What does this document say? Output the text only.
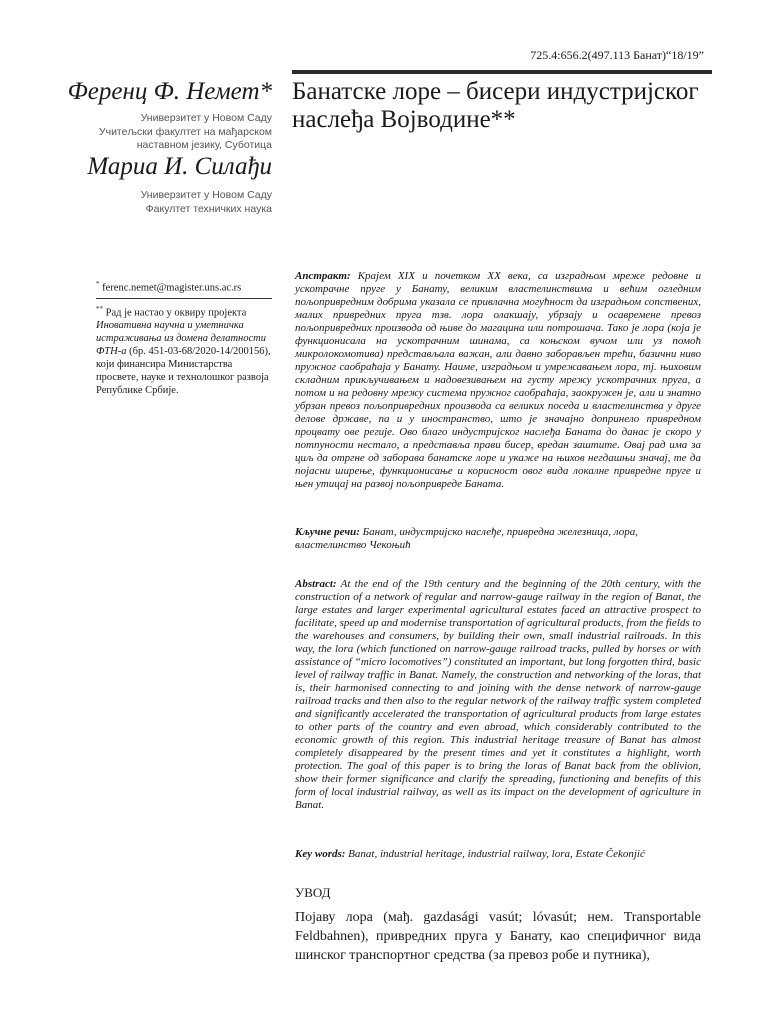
725.4:656.2(497.113 Банат)“18/19”
Банатске лоре – бисери индустријског наслеђа Војводине**
Ференц Ф. Немет*
Универзитет у Новом Саду
Учитељски факултет на мађарском
наставном језику, Суботица
Мариа И. Силађи
Универзитет у Новом Саду
Факултет техничких наука

* ferenc.nemet@magister.uns.ac.rs

** Рад је настао у оквиру пројекта Иновативна научна и уметничка истраживања из домена делатности ФТН-а (бр. 451-03-68/2020-14/200156), који финансира Министарства просвете, науке и технолошког развоја Републике Србије.

Апстракт: Крајем XIX и почетком XX века, са изградњом мреже редовне и ускотрачне пруге у Банату, великим властелинствима и већим огледним пољопривредним добрима указала се привлачна могућност да изградњом сопствених, малих привредних пруга тзв. лора олакшају, убрзају и осавремене превоз пољопривредних производа од њиве до магацина или потрошача. Тако је лора (која је функционисала на ускотрачним шинама, са коњском вучом или уз помоћ микролокомотива) представљала важан, али давно заборављен трећи, базични ниво пружног саобраћаја у Банату. Наиме, изградњом и умрежавањем лора, тј. њиховим складним прикључивањем и надовезивањем на густу мрежу ускотрачних пруга, а потом и на редовну мрежу система пружног саобраћаја, заокружен је, али и знатно убрзан превоз пољопривредних производа са великих поседа и властелинства у друге делове државе, па и у иностранство, што је значајно допринело привредном процвату ове регије. Ово благо индустријског наслеђа Баната до данас је скоро у потпуности нестало, а представља прави бисер, вредан заштите. Овај рад има за циљ да отргне од заборава банатске лоре и укаже на њихов негдашњи значај, те да појасни ширење, функционисање и корисност овог вида локалне привредне пруге и њен утицај на развој пољопривреде Баната.
Кључне речи: Банат, индустријско наслеђе, привредна железница, лора, властелинство Чекоњић
Abstract: At the end of the 19th century and the beginning of the 20th century, with the construction of a network of regular and narrow-gauge railway in the region of Banat, the large estates and larger experimental agricultural estates faced an attractive prospect to facilitate, speed up and modernise transportation of agricultural products, from the fields to the warehouses and consumers, by building their own, small industrial railroads. In this way, the lora (which functioned on narrow-gauge railroad tracks, pulled by horses or with assistance of “micro locomotives”) constituted an important, but long forgotten third, basic level of railway traffic in Banat. Namely, the construction and networking of the loras, that is, their harmonised connecting to and joining with the dense network of narrow-gauge railroad tracks and then also to the regular network of the railway traffic system completed and significantly accelerated the transportation of agricultural products from large estates to other parts of the country and even abroad, which considerably contributed to the economic growth of this region. This industrial heritage treasure of Banat has almost completely disappeared by the present times and yet it constitutes a highlight, worth protection. The goal of this paper is to bring the loras of Banat back from the oblivion, show their former significance and clarify the spreading, functioning and benefits of this form of local industrial railway, as well as its impact on the development of agriculture in Banat.
Key words: Banat, industrial heritage, industrial railway, lora, Estate Čekonjić
УВОД
Појаву лора (мађ. gazdasági vasút; lóvasút; нем. Transportable Feldbahnen), привредних пруга у Банату, као специфичног вида шинског транспортног средства (за превоз робе и путника),
